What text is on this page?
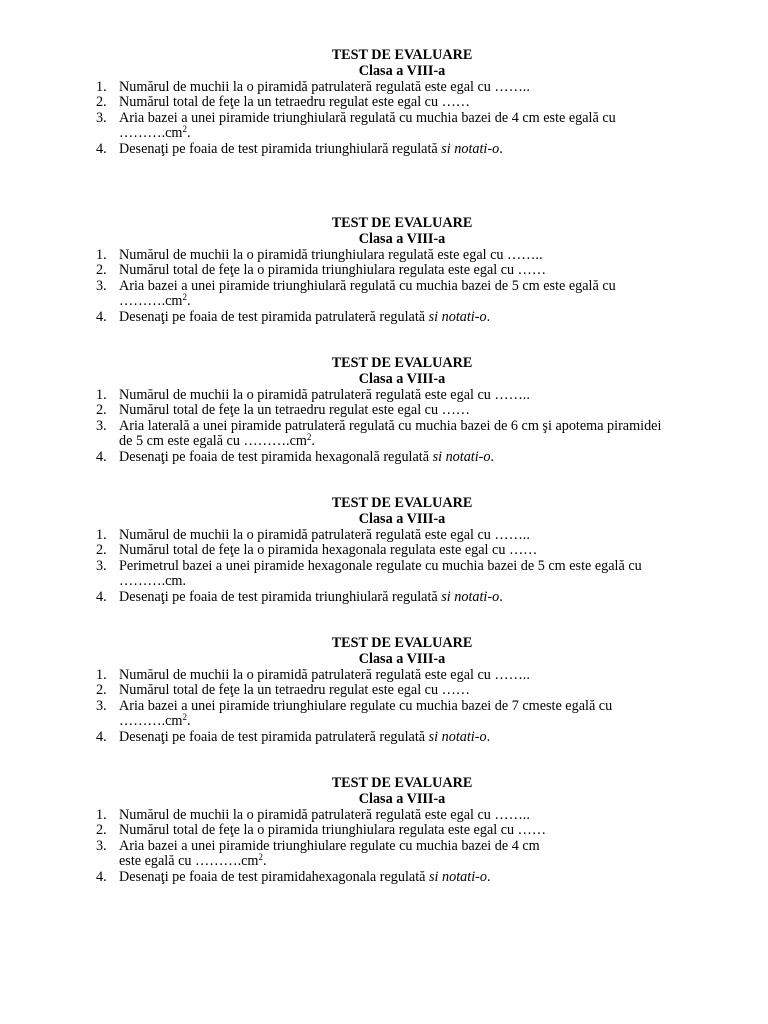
TEST DE EVALUARE
Clasa a VIII-a
1. Numărul de muchii la o piramidă patrulateră regulată este egal cu ……..
2. Numărul total de feţe la un tetraedru regulat este egal cu ……
3. Aria bazei a unei piramide triunghiulară regulată cu muchia bazei de 4 cm este egală cu
$\dots\dots\dots.cm^2$.
4. Desenaţi pe foaia de test piramida triunghiulară regulată si notati-o.
TEST DE EVALUARE
Clasa a VIII-a
1. Numărul de muchii la o piramidă triunghiulara regulată este egal cu ……..
2. Numărul total de feţe la o piramida triunghiulara regulata este egal cu ……
3. Aria bazei a unei piramide triunghiulară regulată cu muchia bazei de 5 cm este egală cu
$\dots\dots\dots.cm^2$.
4. Desenaţi pe foaia de test piramida patrulateră regulată si notati-o.
TEST DE EVALUARE
Clasa a VIII-a
1. Numărul de muchii la o piramidă patrulateră regulată este egal cu ……..
2. Numărul total de feţe la un tetraedru regulat este egal cu ……
3. Aria laterală a unei piramide patrulateră regulată cu muchia bazei de 6 cm şi apotema piramidei
de 5 cm este egală cu $\dots\dots\dots.cm^2$.
4. Desenaţi pe foaia de test piramida hexagonală regulată si notati-o.
TEST DE EVALUARE
Clasa a VIII-a
1. Numărul de muchii la o piramidă patrulateră regulată este egal cu ……..
2. Numărul total de feţe la o piramida hexagonala regulata este egal cu ……
3. Perimetrul bazei a unei piramide hexagonale regulate cu muchia bazei de 5 cm este egală cu
……….cm.
4. Desenaţi pe foaia de test piramida triunghiulară regulată si notati-o.
TEST DE EVALUARE
Clasa a VIII-a
1. Numărul de muchii la o piramidă patrulateră regulată este egal cu ……..
2. Numărul total de feţe la un tetraedru regulat este egal cu ……
3. Aria bazei a unei piramide triunghiulare regulate cu muchia bazei de 7 cmeste egală cu
$\dots\dots\dots.cm^2$.
4. Desenaţi pe foaia de test piramida patrulateră regulată si notati-o.
TEST DE EVALUARE
Clasa a VIII-a
1. Numărul de muchii la o piramidă patrulateră regulată este egal cu ……..
2. Numărul total de feţe la o piramida triunghiulara regulata este egal cu ……
3. Aria bazei a unei piramide triunghiulare regulate cu muchia bazei de 4 cm
este egală cu $\dots\dots\dots.cm^2$.
4. Desenaţi pe foaia de test piramidahexagonala regulată si notati-o.
